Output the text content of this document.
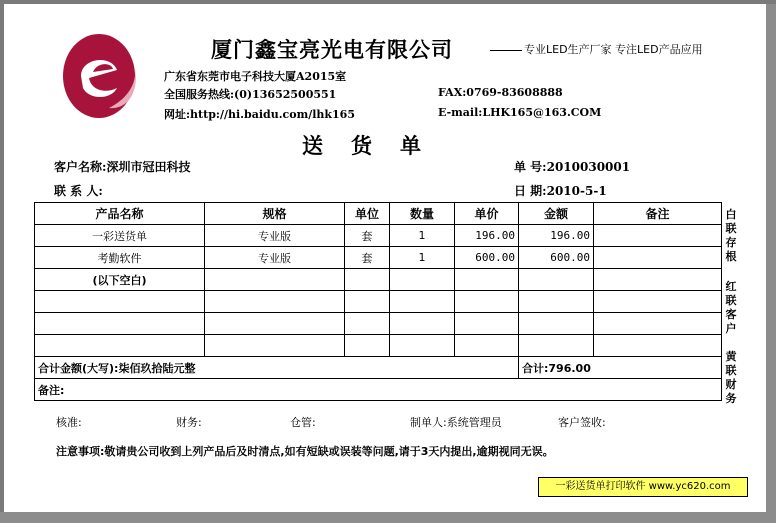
厦门鑫宝亮光电有限公司	专业LED生产厂家 专注LED产品应用
广东省东莞市电子科技大厦A2015室
全国服务热线:(0)13652500551	FAX:0769-83608888
网址:http://hi.baidu.com/lhk165	E-mail:LHK165@163.COM
送货单
客户名称:深圳市冠田科技	单 号:2010030001
联 系 人:	日 期:2010-5-1
产品名称	规格	单位	数量	单价	金额	备注
一彩送货单	专业版	套	1	196.00	196.00	
考勤软件	专业版	套	1	600.00	600.00	
(以下空白)						

合计金额(大写):柒佰玖拾陆元整					合计:796.00	
备注:						
白联存根
红联客户
黄联财务
核准:	财务:	仓管:	制单人:系统管理员	客户签收:
注意事项:敬请贵公司收到上列产品后及时清点,如有短缺或误装等问题,请于3天内提出,逾期视同无误。
一彩送货单打印软件 www.yc620.com
